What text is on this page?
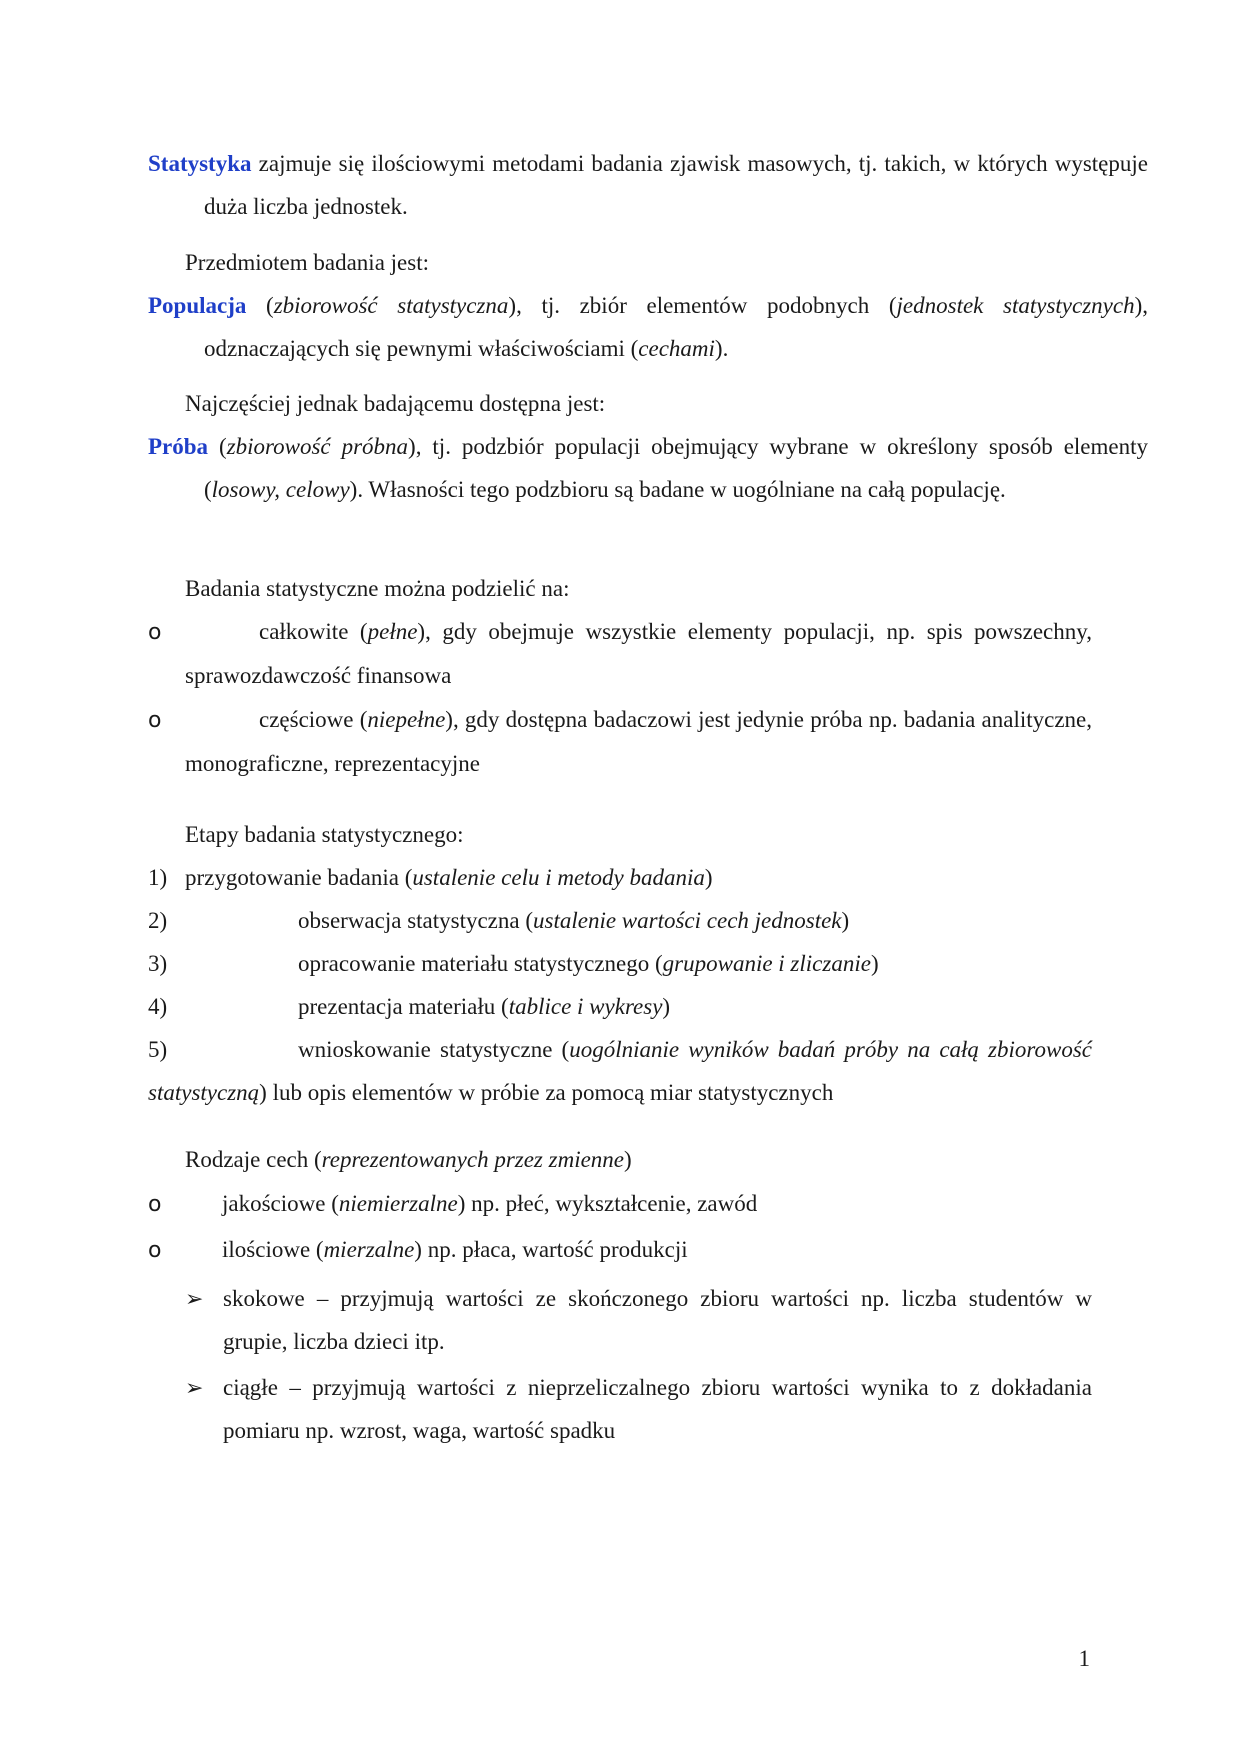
Statystyka zajmuje się ilościowymi metodami badania zjawisk masowych, tj. takich, w których występuje duża liczba jednostek.
Przedmiotem badania jest:
Populacja (zbiorowość statystyczna), tj. zbiór elementów podobnych (jednostek statystycznych), odznaczających się pewnymi właściwościami (cechami).
Najczęściej jednak badającemu dostępna jest:
Próba (zbiorowość próbna), tj. podzbiór populacji obejmujący wybrane w określony sposób elementy (losowy, celowy). Własności tego podzbioru są badane w uogólniane na całą populację.
Badania statystyczne można podzielić na:
o	całkowite (pełne), gdy obejmuje wszystkie elementy populacji, np. spis powszechny, sprawozdawczość finansowa
o	częściowe (niepełne), gdy dostępna badaczowi jest jedynie próba np. badania analityczne, monograficzne, reprezentacyjne
Etapy badania statystycznego:
1) przygotowanie badania (ustalenie celu i metody badania)
2)	obserwacja statystyczna (ustalenie wartości cech jednostek)
3)	opracowanie materiału statystycznego (grupowanie i zliczanie)
4)	prezentacja materiału (tablice i wykresy)
5)	wnioskowanie statystyczne (uogólnianie wyników badań próby na całą zbiorowość statystyczną) lub opis elementów w próbie za pomocą miar statystycznych
Rodzaje cech (reprezentowanych przez zmienne)
o	jakościowe (niemierzalne) np. płeć, wykształcenie, zawód
o	ilościowe (mierzalne) np. płaca, wartość produkcji
➢ skokowe – przyjmują wartości ze skończonego zbioru wartości np. liczba studentów w grupie, liczba dzieci itp.
➢ ciągłe – przyjmują wartości z nieprzeliczalnego zbioru wartości wynika to z dokładania pomiaru np. wzrost, waga, wartość spadku
1
